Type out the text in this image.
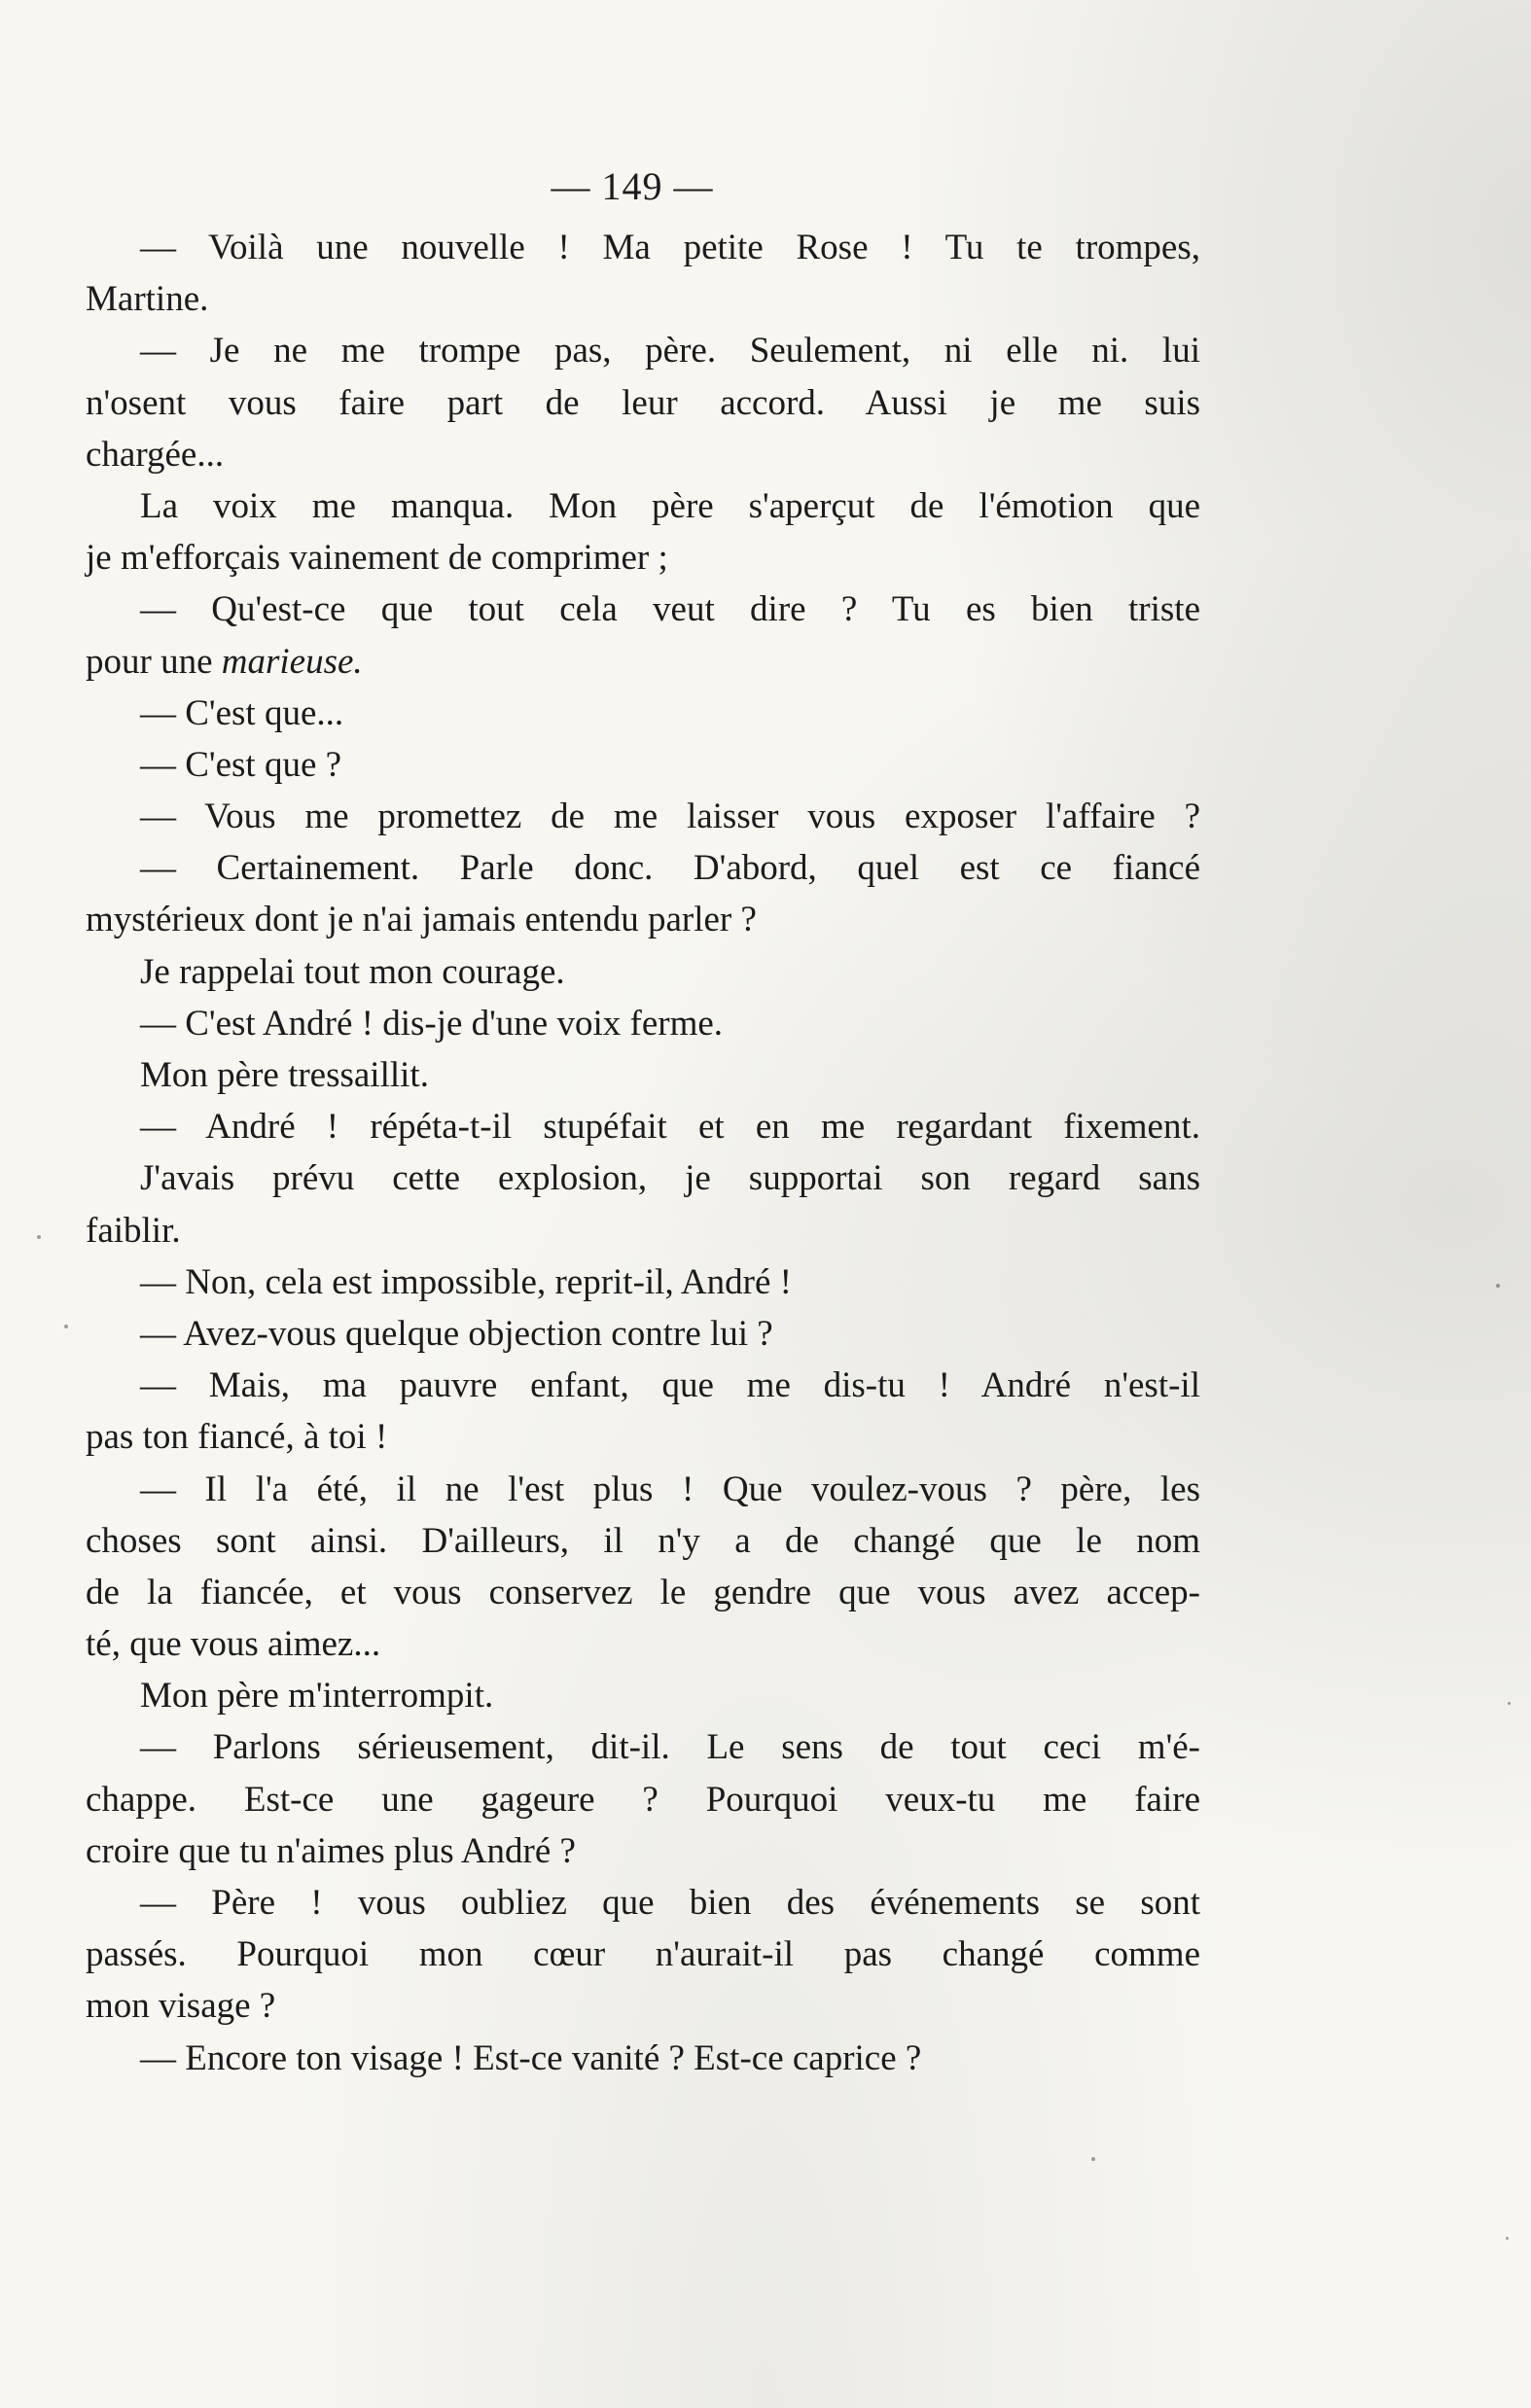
— 149 —
— Voilà une nouvelle ! Ma petite Rose ! Tu te trompes,
Martine.
— Je ne me trompe pas, père. Seulement, ni elle ni. lui
n'osent vous faire part de leur accord. Aussi je me suis
chargée...
La voix me manqua. Mon père s'aperçut de l'émotion que
je m'efforçais vainement de comprimer ;
— Qu'est-ce que tout cela veut dire ? Tu es bien triste
pour une marieuse.
— C'est que...
— C'est que ?
— Vous me promettez de me laisser vous exposer l'affaire ?
— Certainement. Parle donc. D'abord, quel est ce fiancé
mystérieux dont je n'ai jamais entendu parler ?
Je rappelai tout mon courage.
— C'est André ! dis-je d'une voix ferme.
Mon père tressaillit.
— André ! répéta-t-il stupéfait et en me regardant fixement.
J'avais prévu cette explosion, je supportai son regard sans
faiblir.
— Non, cela est impossible, reprit-il, André !
— Avez-vous quelque objection contre lui ?
— Mais, ma pauvre enfant, que me dis-tu ! André n'est-il
pas ton fiancé, à toi !
— Il l'a été, il ne l'est plus ! Que voulez-vous ? père, les
choses sont ainsi. D'ailleurs, il n'y a de changé que le nom
de la fiancée, et vous conservez le gendre que vous avez accep-
té, que vous aimez...
Mon père m'interrompit.
— Parlons sérieusement, dit-il. Le sens de tout ceci m'é-
chappe. Est-ce une gageure ? Pourquoi veux-tu me faire
croire que tu n'aimes plus André ?
— Père ! vous oubliez que bien des événements se sont
passés. Pourquoi mon cœur n'aurait-il pas changé comme
mon visage ?
— Encore ton visage ! Est-ce vanité ? Est-ce caprice ?
